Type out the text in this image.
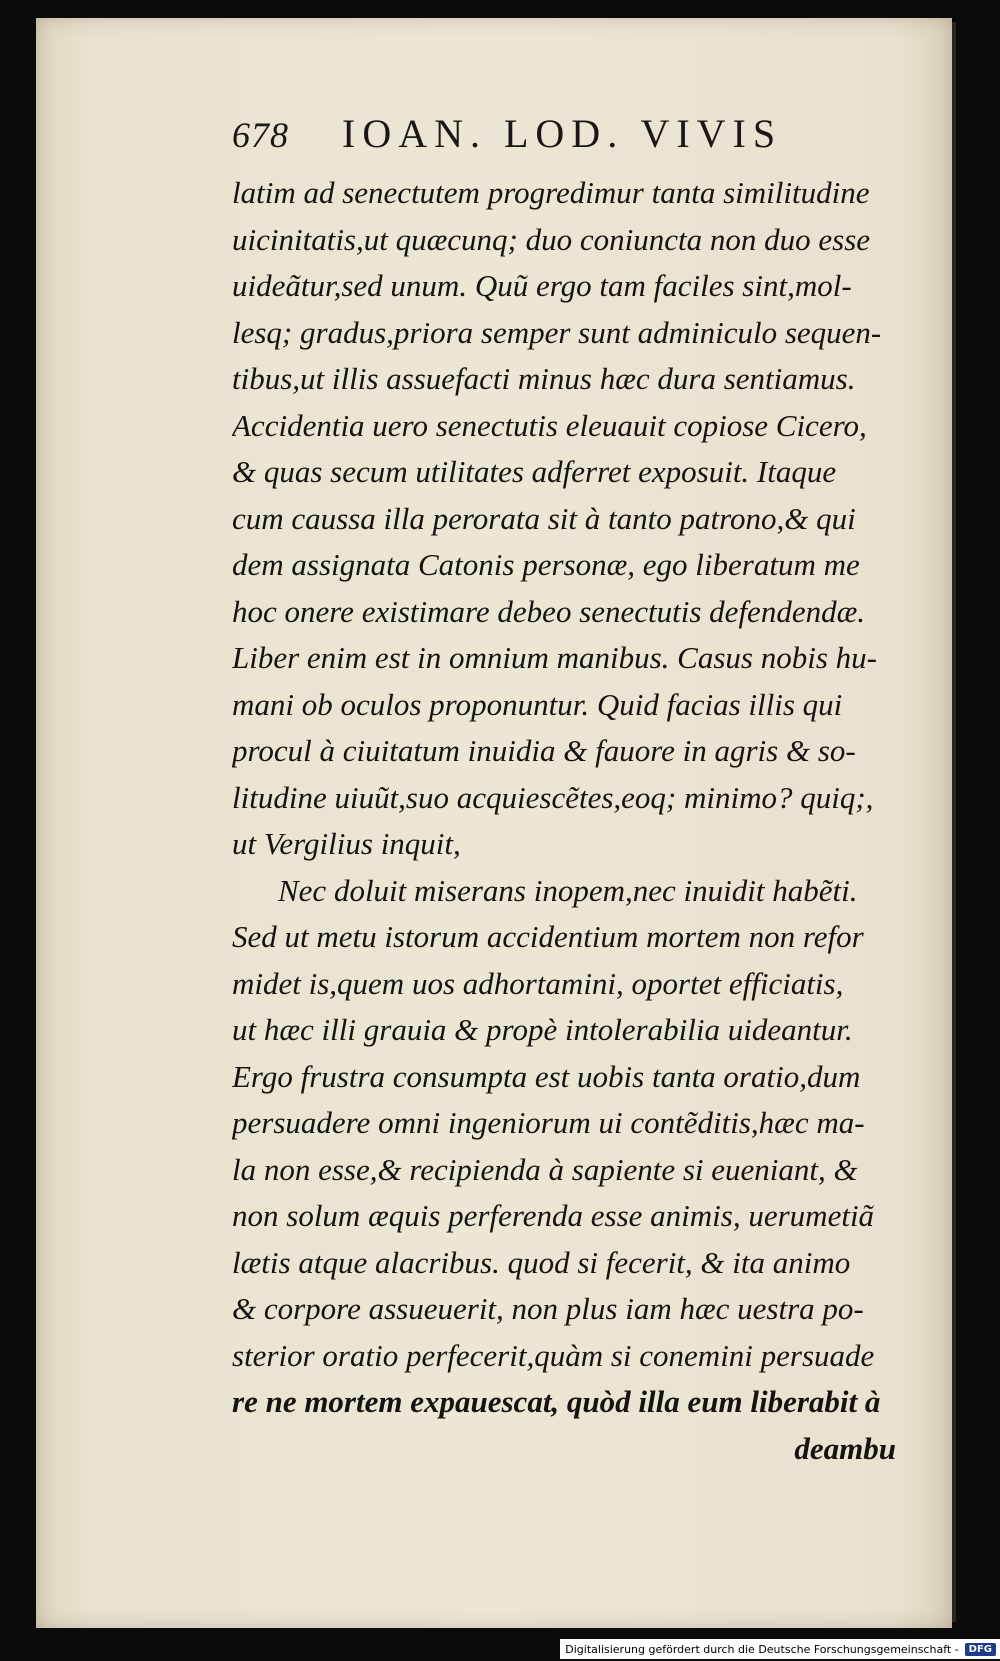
678	IOAN. LOD. VIVIS
latim ad senectutem progredimur tanta similitudine
uicinitatis,ut quæcunq; duo coniuncta non duo esse
uideãtur,sed unum. Quũ ergo tam faciles sint,mol-
lesq; gradus,priora semper sunt adminiculo sequen-
tibus,ut illis assuefacti minus hæc dura sentiamus.
Accidentia uero senectutis eleuauit copiose Cicero,
& quas secum utilitates adferret exposuit. Itaque
cum caussa illa perorata sit à tanto patrono,& qui
dem assignata Catonis personæ, ego liberatum me
hoc onere existimare debeo senectutis defendendæ.
Liber enim est in omnium manibus. Casus nobis hu-
mani ob oculos proponuntur. Quid facias illis qui
procul à ciuitatum inuidia & fauore in agris & so-
litudine uiuũt,suo acquiescẽtes,eoq; minimo? quiq;,
ut Vergilius inquit,
Nec doluit miserans inopem,nec inuidit habẽti.
Sed ut metu istorum accidentium mortem non refor
midet is,quem uos adhortamini, oportet efficiatis,
ut hæc illi grauia & propè intolerabilia uideantur.
Ergo frustra consumpta est uobis tanta oratio,dum
persuadere omni ingeniorum ui contẽditis,hæc ma-
la non esse,& recipienda à sapiente si eueniant, &
non solum æquis perferenda esse animis, uerumetiã
lætis atque alacribus. quod si fecerit, & ita animo
& corpore assueuerit, non plus iam hæc uestra po-
sterior oratio perfecerit,quàm si conemini persuade
re ne mortem expauescat, quòd illa eum liberabit à
deambu
Digitalisierung gefördert durch die Deutsche Forschungsgemeinschaft -	DFG
